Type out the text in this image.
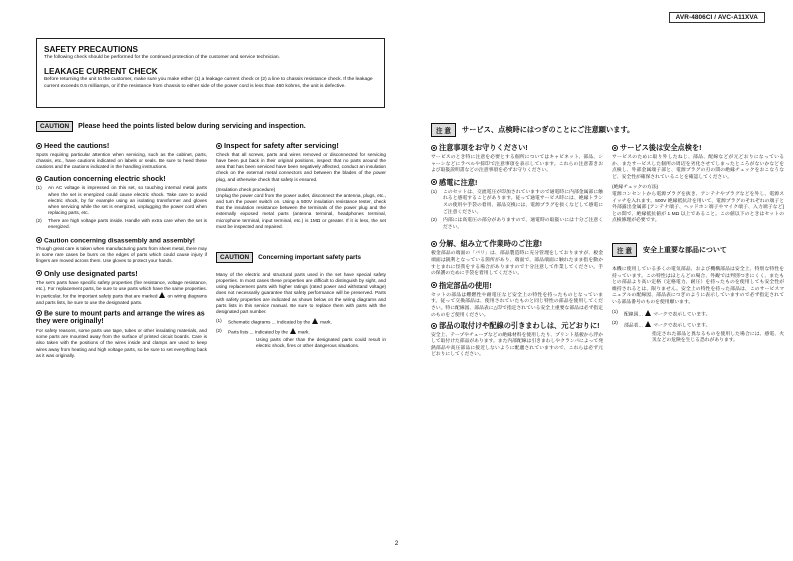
AVR-4806CI / AVC-A11XVA
SAFETY PRECAUTIONS
The following check should be performed for the continued protection of the customer and service technician.
LEAKAGE CURRENT CHECK
Before returning the unit to the customer, make sure you make either (1) a leakage current check or (2) a line to chassis resistance check. If the leakage current exceeds 0.5 milliamps, or if the resistance from chassis to either side of the power cord is less than 460 kohms, the unit is defective.
CAUTION	Please heed the points listed below during servicing and inspection.
Heed the cautions!
Spots requiring particular attention when servicing, such as the cabinet, parts, chassis, etc., have cautions indicated on labels or seals. Be sure to heed these cautions and the cautions indicated in the handling instructions.
Caution concerning electric shock!
(1)	An AC voltage is impressed on this set, so touching internal metal parts when the set is energized could cause electric shock. Take care to avoid electric shock, by for example using an isolating transformer and gloves when servicing while the set is energized, unplugging the power cord when replacing parts, etc.
(2)	There are high voltage parts inside. Handle with extra care when the set is energized.
Caution concerning disassembly and assembly!
Though great care is taken when manufacturing parts from sheet metal, there may in some rare cases be burrs on the edges of parts which could cause injury if fingers are moved across them. Use gloves to protect your hands.
Only use designated parts!
The set's parts have specific safety properties (fire resistance, voltage resistance, etc.). For replacement parts, be sure to use parts which have the same properties. In particular, for the important safety parts that are marked on wiring diagrams and parts lists, be sure to use the designated parts.
Be sure to mount parts and arrange the wires as they were originally!
For safety reasons, some parts use tape, tubes or other insulating materials, and some parts are mounted away from the surface of printed circuit boards. Care is also taken with the positions of the wires inside and clamps are used to keep wires away from heating and high voltage parts, so be sure to set everything back as it was originally.
Inspect for safety after servicing!
Check that all screws, parts and wires removed or disconnected for servicing have been put back in their original positions, inspect that no parts around the area that has been serviced have been negatively affected, conduct an insulation check on the external metal connectors and between the blades of the power plug, and otherwise check that safety is ensured.
(Insulation check procedure)
Unplug the power cord from the power outlet, disconnect the antenna, plugs, etc., and turn the power switch on. Using a 500V insulation resistance tester, check that the insulation resistance between the terminals of the power plug and the externally exposed metal parts (antenna terminal, headphones terminal, microphone terminal, input terminal, etc.) is 1MΩ or greater. If it is less, the set must be inspected and repaired.
CAUTION	Concerning important safety parts
Many of the electric and structural parts used in the set have special safety properties. In most cases these properties are difficult to distinguish by sight, and using replacement parts with higher ratings (rated power and withstand voltage) does not necessarily guarantee that safety performance will be preserved. Parts with safety properties are indicated as shown below on the wiring diagrams and parts lists in this service manual. Be sure to replace them with parts with the designated part number.
(1)	Schematic diagrams ... Indicated by the mark.
(2)	Parts lists ... Indicated by the mark.
Using parts other than the designated parts could result in electric shock, fires or other dangerous situations.
注 意	サービス、点検時にはつぎのことにご注意願います。
注意事項をお守りください!
サービスのとき特に注意を必要とする個所についてはキャビネット、部品、シャーシなどにラベルや捺印で注意事項を表示しています。これらの注意書きおよび取扱説明書などの注意事項を必ずお守りください。
感電に注意!
(1)	このセットは、交流電圧が印加されていますので通電時に内部金属部に触れると感電することがあります。従って通電サービス時には、絶縁トランスの使用や手袋の着用、部品交換には、電源プラグを抜くなどして感電にご注意ください。
(2)	内部には高電圧の部分がありますので、通電時の取扱いには十分ご注意ください。
分解、組み立て作業時のご注意!
板金部品の端面の「バリ」は、部品製造時に充分管理をしておりますが、板金端面は鋭利となっている箇所があり、端面で、部品端面に触れたまま指を動かすとまれに怪我をする場合がありますので十分注意して作業してください。手の保護のために手袋を着用してください。
指定部品の使用!
セットの部品は難燃性や耐電圧など安全上の特性を持ったものとなっています。従って交換部品は、使用されていたものと同じ特性の部品を使用してください。特に配線図、部品表に△印で指定されている安全上重要な部品は必ず指定のものをご使用ください。
部品の取付けや配線の引きまわしは、元どおりに!
安全上、テープやチューブなどの絶縁材料を使用したり、プリント基板から浮かして取付けた部品があります。また内部配線は引きまわしやクランパによって発熱部品や高圧部品に接近しないように配慮されていますので、これらは必ず元どおりにしてください。
サービス後は安全点検を!
サービスのために取り外したねじ、部品、配線などが元どおりになっているか、またサービスした個所の周辺を劣化させてしまったところがないかなどを点検し、外部金属端子部と、電源プラグの刃の間の絶縁チェックをおこなうなど、安全性が確保されていることを確認してください。
(絶縁チェックの方法)
電源コンセントから電源プラグを抜き、アンテナやプラグなどを外し、電源スイッチを入れます。500V 絶縁抵抗計を用いて、電源プラグのそれぞれの端子と外部露出金属部 [アンテナ端子、ヘッドホン端子やマイク端子、入力端子など] との間で、絶縁抵抗値が 1 MΩ 以上であること。この値以下のときはセットの点検修理が必要です。
注 意	安全上重要な部品について
本機に使用している多くの電気部品、および機構部品は安全上、特別な特性を持っています。この特性はほとんどの場合、外観では判別つきにくく、またもとの部品より高い定格（定格電力、耐圧）を持ったものを使用しても安全性が維持されるとは、限りません。安全上の特性を持った部品は、このサービスマニュアルの配線図、部品表につぎのように表示していますので必ず指定されている部品番号のものを使用願います。
(1)	配線図… マークで表示しています。
(2)	部品表… マークで表示しています。
指定された部品と異なるものを使用した場合には、感電、火災などの危険を生じる恐れがあります。
2
